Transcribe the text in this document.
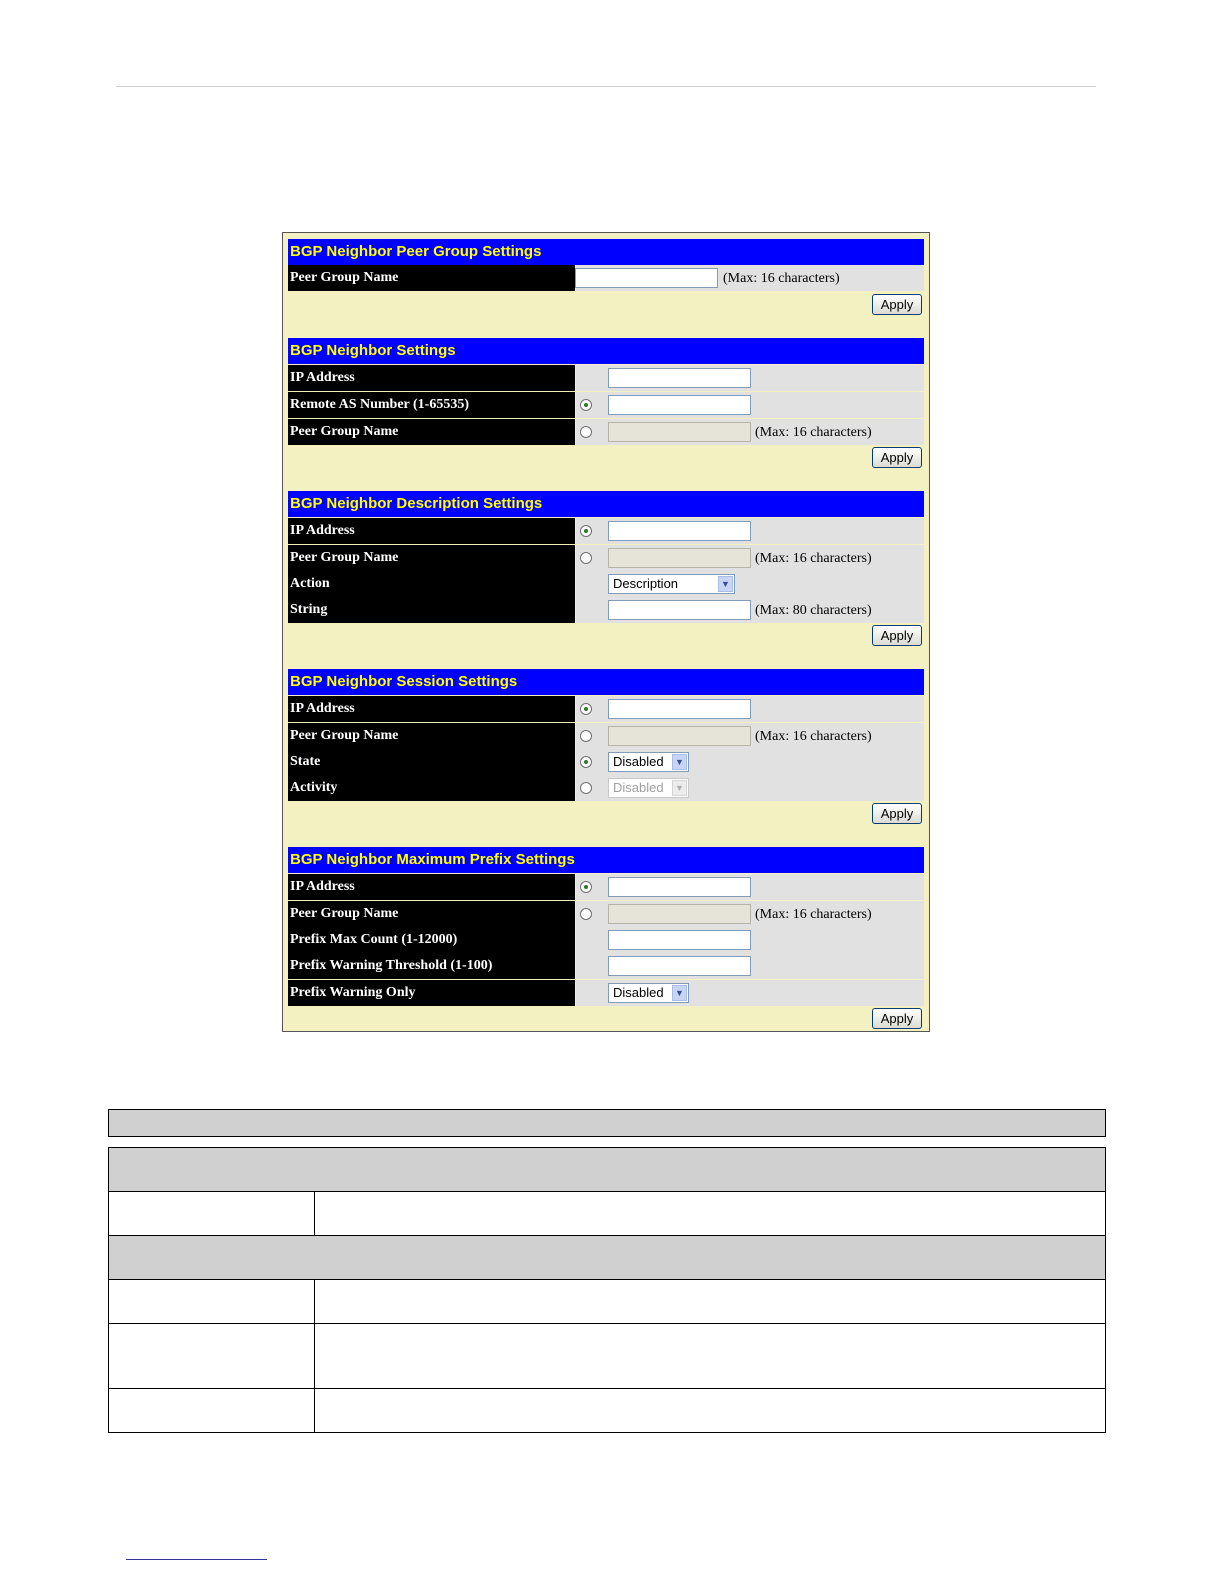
BGP Neighbor Peer Group Settings
Peer Group Name	(Max: 16 characters)
Apply
BGP Neighbor Settings
IP Address
Remote AS Number (1-65535)
Peer Group Name	(Max: 16 characters)
Apply
BGP Neighbor Description Settings
IP Address
Peer Group Name	(Max: 16 characters)
Action	Description	▼
String	(Max: 80 characters)
Apply
BGP Neighbor Session Settings
IP Address
Peer Group Name	(Max: 16 characters)
State	Disabled	▼
Activity	Disabled	▼
Apply
BGP Neighbor Maximum Prefix Settings
IP Address
Peer Group Name	(Max: 16 characters)
Prefix Max Count (1-12000)
Prefix Warning Threshold (1-100)
Prefix Warning Only	Disabled	▼
Apply
